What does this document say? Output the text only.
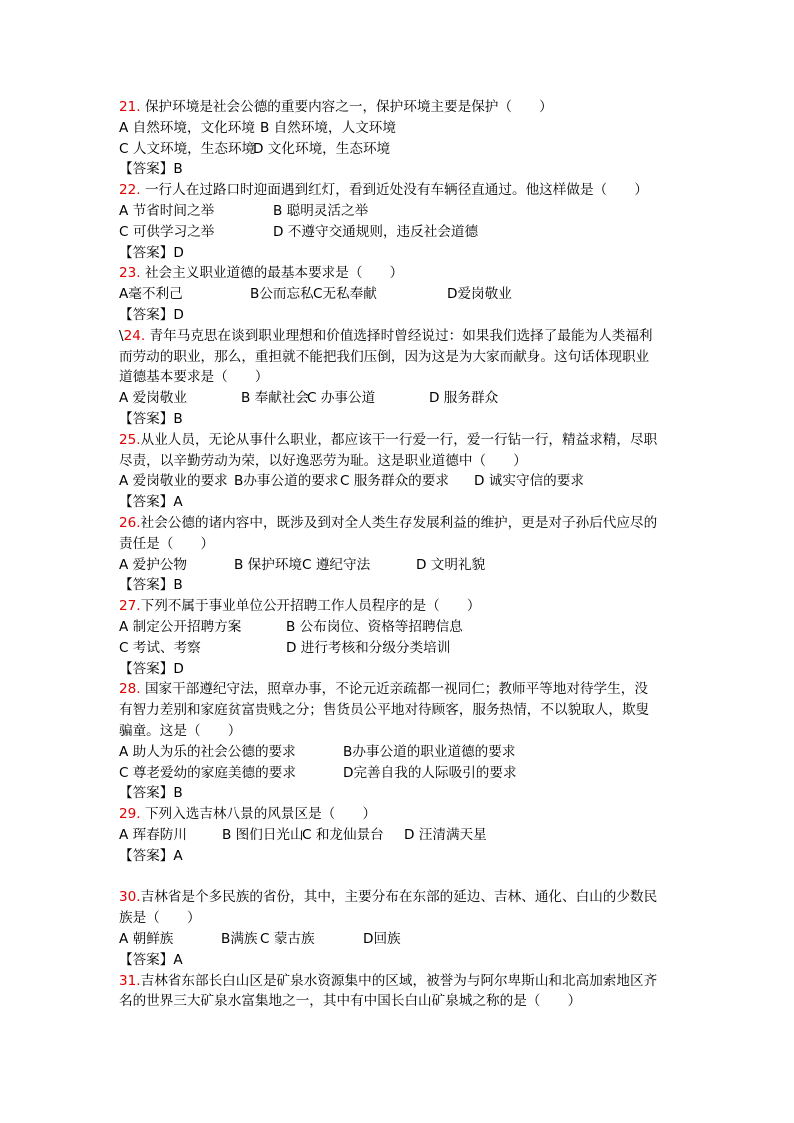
21. 保护环境是社会公德的重要内容之一，保护环境主要是保护（　　）
A 自然环境，文化环境 B 自然环境，人文环境
C 人文环境，生态环境
D 文化环境，生态环境
【答案】B
22. 一行人在过路口时迎面遇到红灯，看到近处没有车辆径直通过。他这样做是（　　）
A 节省时间之举	B 聪明灵活之举
C 可供学习之举	D 不遵守交通规则，违反社会道德
【答案】D
23. 社会主义职业道德的最基本要求是（　　）
A毫不利己	B公而忘私 C无私奉献	D爱岗敬业
【答案】D
\24. 青年马克思在谈到职业理想和价值选择时曾经说过：如果我们选择了最能为人类福利
而劳动的职业，那么，重担就不能把我们压倒，因为这是为大家而献身。这句话体现职业
道德基本要求是（　　）
A 爱岗敬业	B 奉献社会
C 办事公道	D 服务群众
【答案】B
25.从业人员，无论从事什么职业，都应该干一行爱一行，爱一行钻一行，精益求精，尽职
尽责，以辛勤劳动为荣，以好逸恶劳为耻。这是职业道德中（　　）
A 爱岗敬业的要求 B办事公道的要求 C 服务群众的要求 D 诚实守信的要求
【答案】A
26.社会公德的诸内容中，既涉及到对全人类生存发展利益的维护，更是对子孙后代应尽的
责任是（　　）
A 爱护公物	B 保护环境 C 遵纪守法	D 文明礼貌
【答案】B
27.下列不属于事业单位公开招聘工作人员程序的是（　　）
A 制定公开招聘方案	B 公布岗位、资格等招聘信息
C 考试、考察	D 进行考核和分级分类培训
【答案】D
28. 国家干部遵纪守法，照章办事，不论元近亲疏都一视同仁；教师平等地对待学生，没
有智力差别和家庭贫富贵贱之分；售货员公平地对待顾客，服务热情，不以貌取人，欺叟
骗童。这是（　　）
A 助人为乐的社会公德的要求	B办事公道的职业道德的要求
C 尊老爱幼的家庭美德的要求	D完善自我的人际吸引的要求
【答案】B
29. 下列入选吉林八景的风景区是（　　）
A 珲春防川	B 图们日光山
C 和龙仙景台 D 汪清满天星
【答案】A
30.吉林省是个多民族的省份，其中，主要分布在东部的延边、吉林、通化、白山的少数民
族是（　　）
A 朝鲜族	B满族 C 蒙古族	D回族
【答案】A
31.吉林省东部长白山区是矿泉水资源集中的区域，被誉为与阿尔卑斯山和北高加索地区齐
名的世界三大矿泉水富集地之一，其中有中国长白山矿泉城之称的是（　　）
